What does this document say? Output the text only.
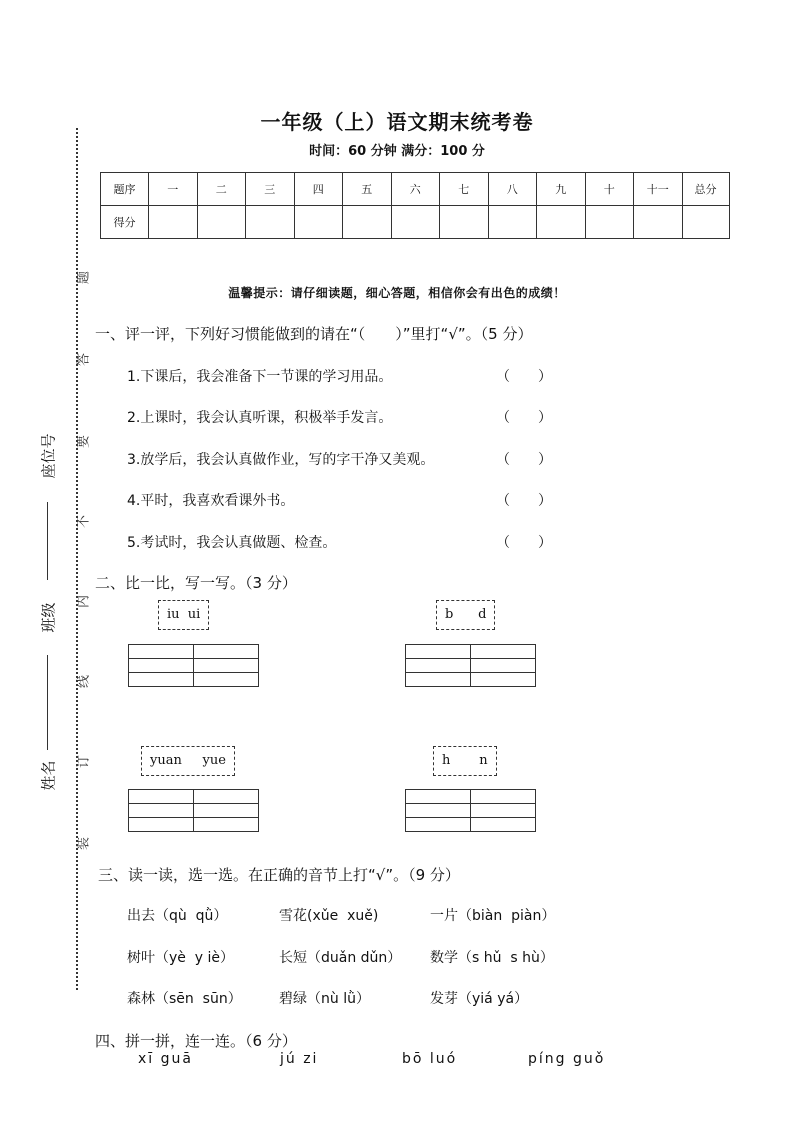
题
答
要
不
内
线
订
装
座位号
班级
姓名
一年级（上）语文期末统考卷
时间：60 分钟 满分：100 分
题序	一	二	三	四	五	六	七	八	九	十	十一	总分
得分												
温馨提示：请仔细读题，细心答题，相信你会有出色的成绩！
一、评一评，下列好习惯能做到的请在“（　　）”里打“√”。（5 分）
1.下课后，我会准备下一节课的学习用品。	（　　）
2.上课时，我会认真听课，积极举手发言。	（　　）
3.放学后，我会认真做作业，写的字干净又美观。	（　　）
4.平时，我喜欢看课外书。	（　　）
5.考试时，我会认真做题、检查。	（　　）
二、比一比，写一写。（3 分）
iu  ui

		b      d

yuan     yue

		h       n

三、读一读，选一选。在正确的音节上打“√”。（9 分）
出去（qù  qǜ）	雪花(xǔe  xuě)	一片（biàn  piàn）
树叶（yè  y iè）	长短（duǎn dǔn） 数学（s hǔ  s hù）
森林（sēn  sūn）	碧绿（nù lǜ）	发芽（yiá yá）
四、拼一拼，连一连。（6 分）
xī guā	jú zi	bō luó	píng guǒ
